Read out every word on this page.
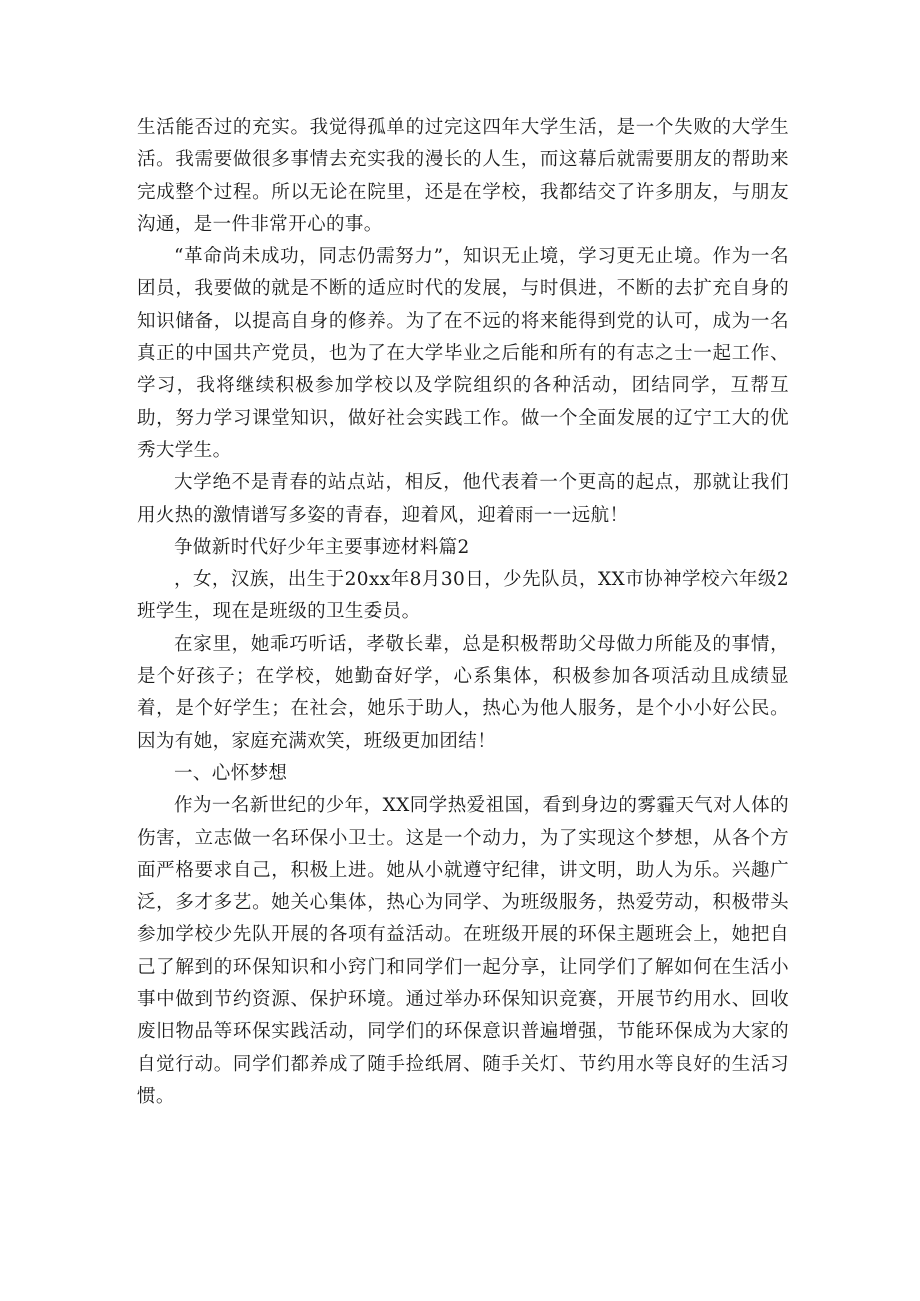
生活能否过的充实。我觉得孤单的过完这四年大学生活，是一个失败的大学生活。我需要做很多事情去充实我的漫长的人生，而这幕后就需要朋友的帮助来完成整个过程。所以无论在院里，还是在学校，我都结交了许多朋友，与朋友沟通，是一件非常开心的事。

“革命尚未成功，同志仍需努力”，知识无止境，学习更无止境。作为一名团员，我要做的就是不断的适应时代的发展，与时俱进，不断的去扩充自身的知识储备，以提高自身的修养。为了在不远的将来能得到党的认可，成为一名真正的中国共产党员，也为了在大学毕业之后能和所有的有志之士一起工作、学习，我将继续积极参加学校以及学院组织的各种活动，团结同学，互帮互助，努力学习课堂知识，做好社会实践工作。做一个全面发展的辽宁工大的优秀大学生。

大学绝不是青春的站点站，相反，他代表着一个更高的起点，那就让我们用火热的激情谱写多姿的青春，迎着风，迎着雨一一远航！

争做新时代好少年主要事迹材料篇2

，女，汉族，出生于20xx年8月30日，少先队员，XX市协神学校六年级2班学生，现在是班级的卫生委员。

在家里，她乖巧听话，孝敬长辈，总是积极帮助父母做力所能及的事情，是个好孩子；在学校，她勤奋好学，心系集体，积极参加各项活动且成绩显着，是个好学生；在社会，她乐于助人，热心为他人服务，是个小小好公民。因为有她，家庭充满欢笑，班级更加团结！

一、心怀梦想

作为一名新世纪的少年，XX同学热爱祖国，看到身边的雾霾天气对人体的伤害，立志做一名环保小卫士。这是一个动力，为了实现这个梦想，从各个方面严格要求自己，积极上进。她从小就遵守纪律，讲文明，助人为乐。兴趣广泛，多才多艺。她关心集体，热心为同学、为班级服务，热爱劳动，积极带头参加学校少先队开展的各项有益活动。在班级开展的环保主题班会上，她把自己了解到的环保知识和小窍门和同学们一起分享，让同学们了解如何在生活小事中做到节约资源、保护环境。通过举办环保知识竞赛，开展节约用水、回收废旧物品等环保实践活动，同学们的环保意识普遍增强，节能环保成为大家的自觉行动。同学们都养成了随手捡纸屑、随手关灯、节约用水等良好的生活习惯。
